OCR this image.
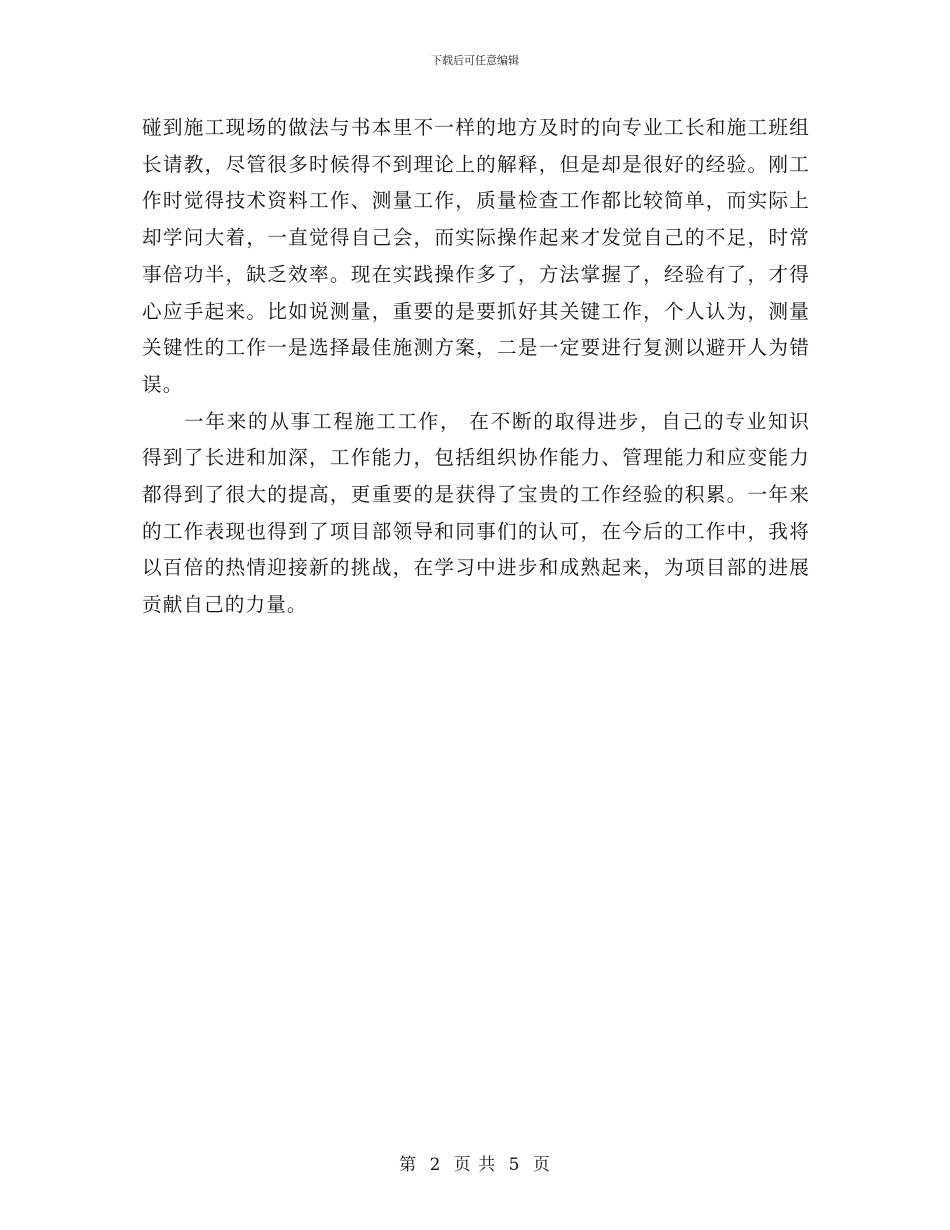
下载后可任意编辑

碰到施工现场的做法与书本里不一样的地方及时的向专业工长和施工班组长请教，尽管很多时候得不到理论上的解释，但是却是很好的经验。刚工作时觉得技术资料工作、测量工作，质量检查工作都比较简单，而实际上却学问大着，一直觉得自己会，而实际操作起来才发觉自己的不足，时常事倍功半，缺乏效率。现在实践操作多了，方法掌握了，经验有了，才得心应手起来。比如说测量，重要的是要抓好其关键工作，个人认为，测量关键性的工作一是选择最佳施测方案，二是一定要进行复测以避开人为错误。

一年来的从事工程施工工作， 在不断的取得进步，自己的专业知识得到了长进和加深，工作能力，包括组织协作能力、管理能力和应变能力都得到了很大的提高，更重要的是获得了宝贵的工作经验的积累。一年来的工作表现也得到了项目部领导和同事们的认可，在今后的工作中，我将以百倍的热情迎接新的挑战，在学习中进步和成熟起来，为项目部的进展贡献自己的力量。

第 2 页 共 5 页
